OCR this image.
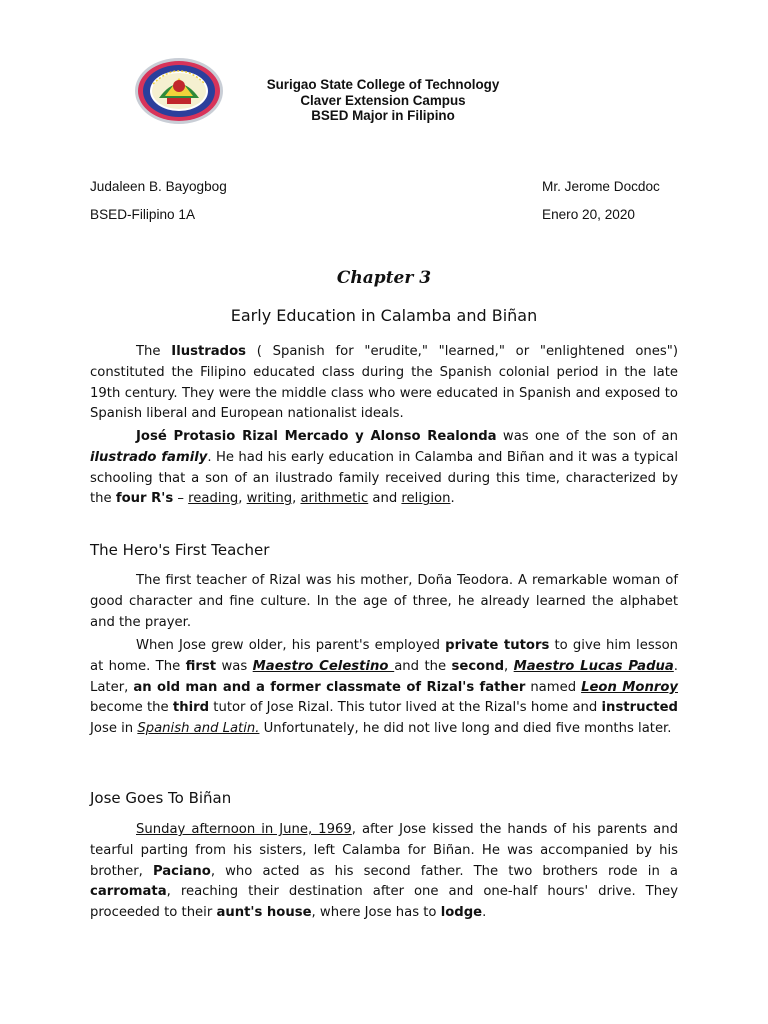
Surigao State College of Technology
Claver Extension Campus
BSED Major in Filipino
Judaleen B. Bayogbog	Mr. Jerome Docdoc
BSED-Filipino 1A	Enero 20, 2020
Chapter 3
Early Education in Calamba and Biñan

The Ilustrados ( Spanish for "erudite," "learned," or "enlightened ones") constituted the Filipino educated class during the Spanish colonial period in the late 19th century. They were the middle class who were educated in Spanish and exposed to Spanish liberal and European nationalist ideals.

José Protasio Rizal Mercado y Alonso Realonda was one of the son of an ilustrado family. He had his early education in Calamba and Biñan and it was a typical schooling that a son of an ilustrado family received during this time, characterized by the four R's – reading, writing, arithmetic and religion.

The Hero's First Teacher

The first teacher of Rizal was his mother, Doña Teodora. A remarkable woman of good character and fine culture. In the age of three, he already learned the alphabet and the prayer.

When Jose grew older, his parent's employed private tutors to give him lesson at home. The first was Maestro Celestino and the second, Maestro Lucas Padua. Later, an old man and a former classmate of Rizal's father named Leon Monroy become the third tutor of Jose Rizal. This tutor lived at the Rizal's home and instructed Jose in Spanish and Latin. Unfortunately, he did not live long and died five months later.

Jose Goes To Biñan

Sunday afternoon in June, 1969, after Jose kissed the hands of his parents and tearful parting from his sisters, left Calamba for Biñan. He was accompanied by his brother, Paciano, who acted as his second father. The two brothers rode in a carromata, reaching their destination after one and one-half hours' drive. They proceeded to their aunt's house, where Jose has to lodge.
